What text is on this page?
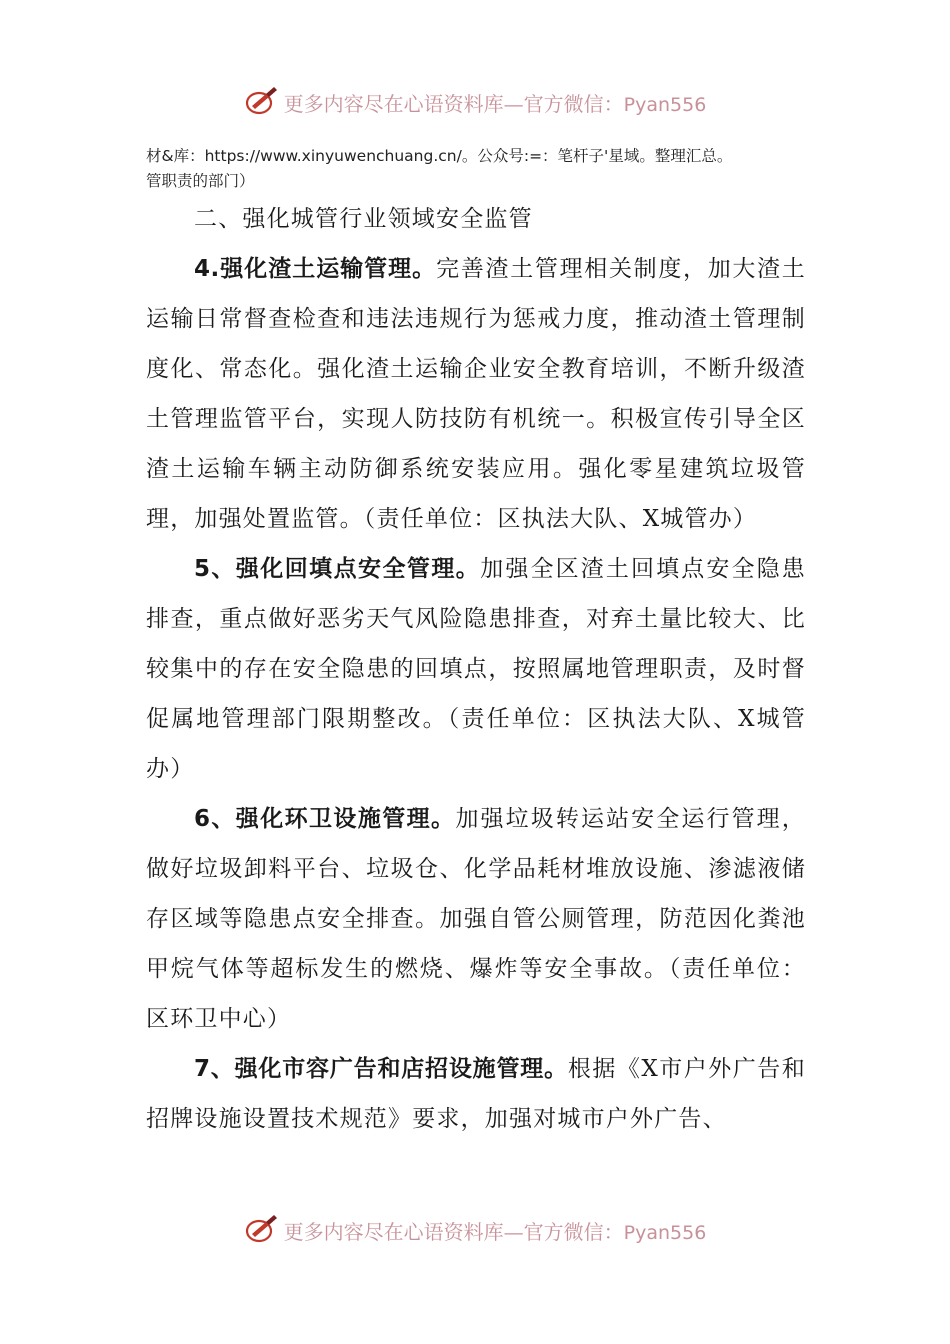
更多内容尽在心语资料库—官方微信：Pyan556
材&库：https://www.xinyuwenchuang.cn/。公众号:=：笔杆子'星域。整理汇总。
管职责的部门）

二、强化城管行业领域安全监管

4.强化渣土运输管理。完善渣土管理相关制度，加大渣土运输日常督查检查和违法违规行为惩戒力度，推动渣土管理制度化、常态化。强化渣土运输企业安全教育培训，不断升级渣土管理监管平台，实现人防技防有机统一。积极宣传引导全区渣土运输车辆主动防御系统安装应用。强化零星建筑垃圾管理，加强处置监管。（责任单位：区执法大队、X城管办）

5、强化回填点安全管理。加强全区渣土回填点安全隐患排查，重点做好恶劣天气风险隐患排查，对弃土量比较大、比较集中的存在安全隐患的回填点，按照属地管理职责，及时督促属地管理部门限期整改。（责任单位：区执法大队、X城管办）

6、强化环卫设施管理。加强垃圾转运站安全运行管理，做好垃圾卸料平台、垃圾仓、化学品耗材堆放设施、渗滤液储存区域等隐患点安全排查。加强自管公厕管理，防范因化粪池甲烷气体等超标发生的燃烧、爆炸等安全事故。（责任单位：区环卫中心）

7、强化市容广告和店招设施管理。根据《X市户外广告和招牌设施设置技术规范》要求，加强对城市户外广告、

更多内容尽在心语资料库—官方微信：Pyan556
